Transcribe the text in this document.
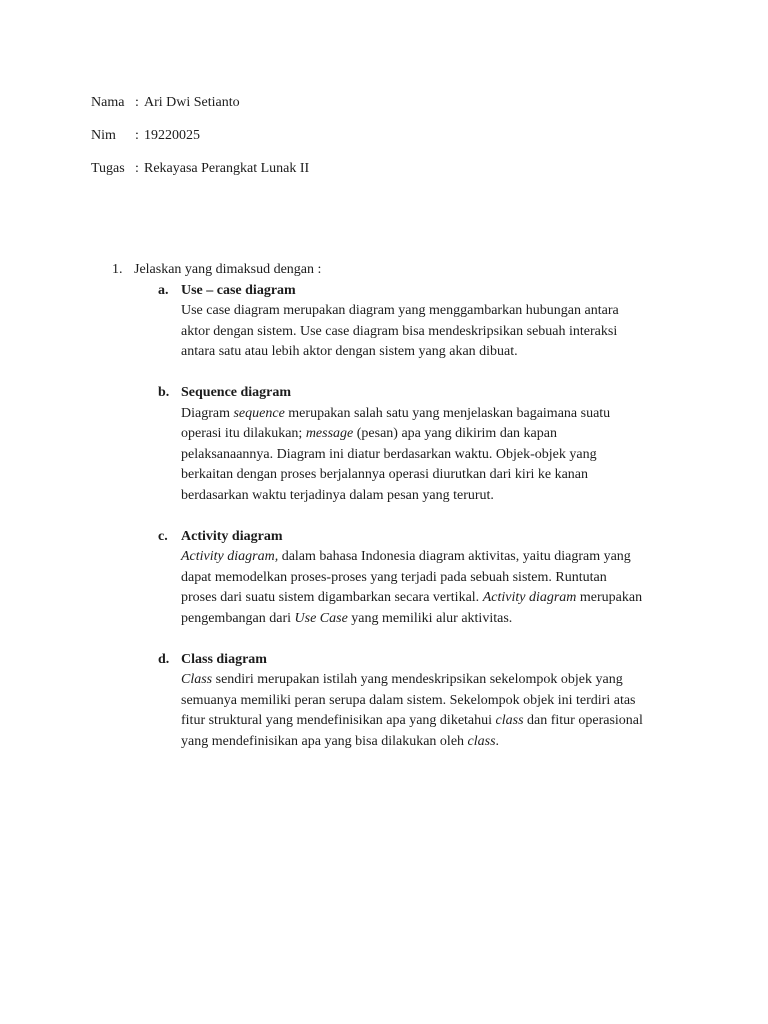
Nama : Ari Dwi Setianto
Nim : 19220025
Tugas : Rekayasa Perangkat Lunak II
1. Jelaskan yang dimaksud dengan :
a. Use – case diagram
Use case diagram merupakan diagram yang menggambarkan hubungan antara
aktor dengan sistem. Use case diagram bisa mendeskripsikan sebuah interaksi
antara satu atau lebih aktor dengan sistem yang akan dibuat.
b. Sequence diagram
Diagram sequence merupakan salah satu yang menjelaskan bagaimana suatu
operasi itu dilakukan; message (pesan) apa yang dikirim dan kapan
pelaksanaannya. Diagram ini diatur berdasarkan waktu. Objek-objek yang
berkaitan dengan proses berjalannya operasi diurutkan dari kiri ke kanan
berdasarkan waktu terjadinya dalam pesan yang terurut.
c. Activity diagram
Activity diagram, dalam bahasa Indonesia diagram aktivitas, yaitu diagram yang
dapat memodelkan proses-proses yang terjadi pada sebuah sistem. Runtutan
proses dari suatu sistem digambarkan secara vertikal. Activity diagram merupakan
pengembangan dari Use Case yang memiliki alur aktivitas.
d. Class diagram
Class sendiri merupakan istilah yang mendeskripsikan sekelompok objek yang
semuanya memiliki peran serupa dalam sistem. Sekelompok objek ini terdiri atas
fitur struktural yang mendefinisikan apa yang diketahui class dan fitur operasional
yang mendefinisikan apa yang bisa dilakukan oleh class.
